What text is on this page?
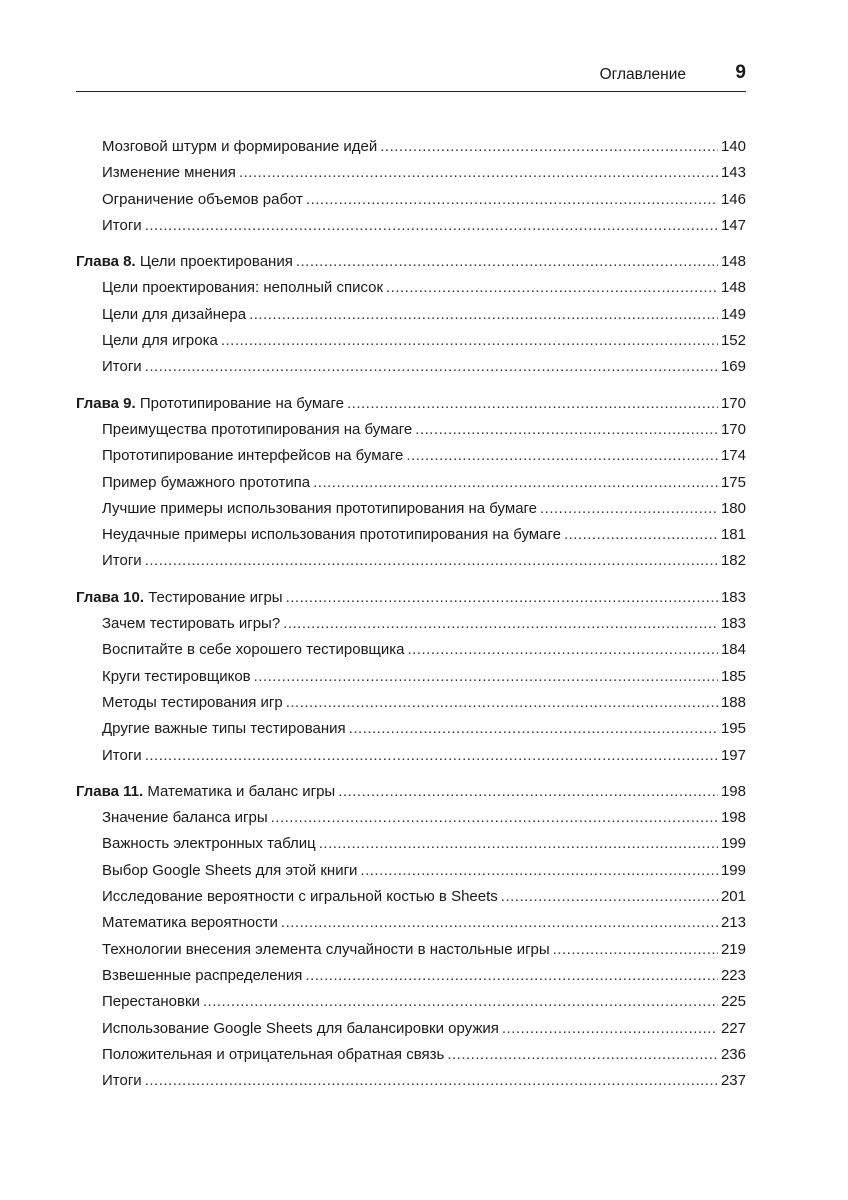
Оглавление	9
Мозговой штурм и формирование идей .....	140
Изменение мнения .....	143
Ограничение объемов работ .....	146
Итоги .....	147
Глава 8. Цели проектирования .....	148
Цели проектирования: неполный список .....	148
Цели для дизайнера .....	149
Цели для игрока .....	152
Итоги .....	169
Глава 9. Прототипирование на бумаге .....	170
Преимущества прототипирования на бумаге .....	170
Прототипирование интерфейсов на бумаге .....	174
Пример бумажного прототипа .....	175
Лучшие примеры использования прототипирования на бумаге .....	180
Неудачные примеры использования прототипирования на бумаге .....	181
Итоги .....	182
Глава 10. Тестирование игры .....	183
Зачем тестировать игры? .....	183
Воспитайте в себе хорошего тестировщика .....	184
Круги тестировщиков .....	185
Методы тестирования игр .....	188
Другие важные типы тестирования .....	195
Итоги .....	197
Глава 11. Математика и баланс игры .....	198
Значение баланса игры .....	198
Важность электронных таблиц .....	199
Выбор Google Sheets для этой книги .....	199
Исследование вероятности с игральной костью в Sheets .....	201
Математика вероятности .....	213
Технологии внесения элемента случайности в настольные игры .....	219
Взвешенные распределения .....	223
Перестановки .....	225
Использование Google Sheets для балансировки оружия .....	227
Положительная и отрицательная обратная связь .....	236
Итоги .....	237
